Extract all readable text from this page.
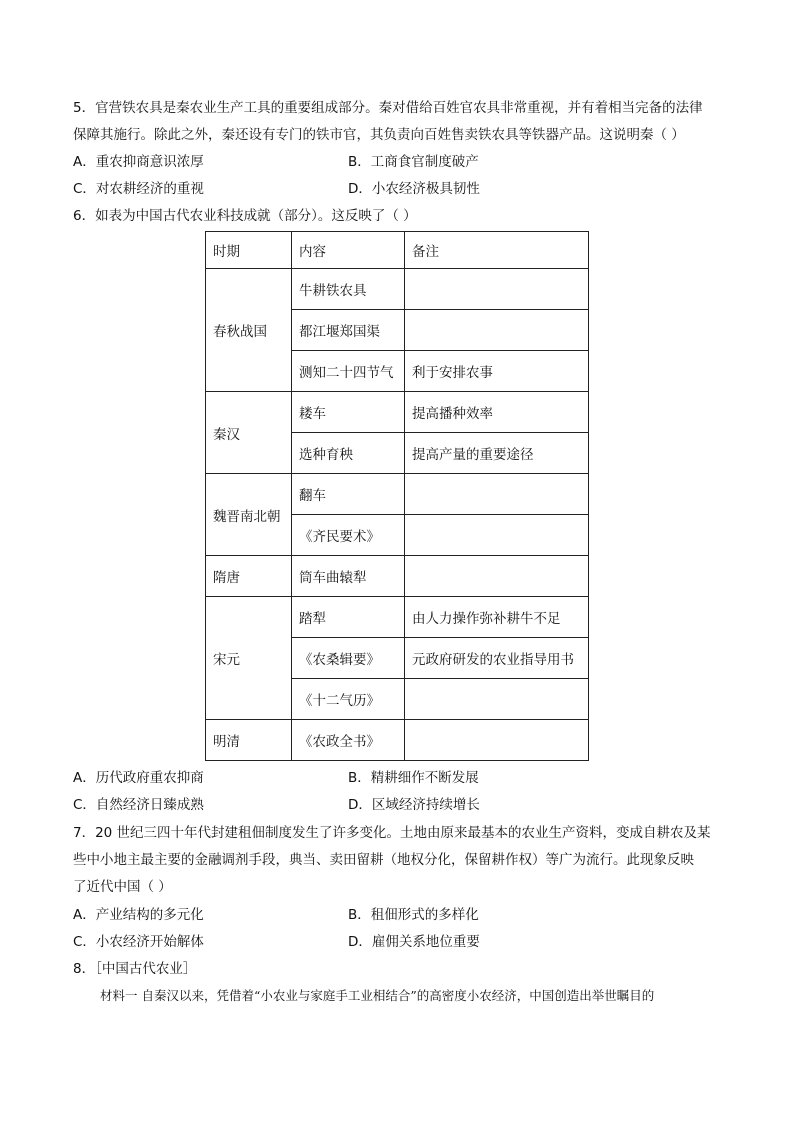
5．官营铁农具是秦农业生产工具的重要组成部分。秦对借给百姓官农具非常重视，并有着相当完备的法律
保障其施行。除此之外，秦还设有专门的铁市官，其负责向百姓售卖铁农具等铁器产品。这说明秦（ ）
A．重农抑商意识浓厚	B．工商食官制度破产
C．对农耕经济的重视	D．小农经济极具韧性
6．如表为中国古代农业科技成就（部分）。这反映了（ ）
时期	内容	备注
春秋战国	牛耕铁农具	
	都江堰郑国渠	
	测知二十四节气	利于安排农事
秦汉	耧车	提高播种效率
	选种育秧	提高产量的重要途径
魏晋南北朝	翻车	
	《齐民要术》	
隋唐	筒车曲辕犁	
宋元	踏犁	由人力操作弥补耕牛不足
	《农桑辑要》	元政府研发的农业指导用书
	《十二气历》	
明清	《农政全书》	
A．历代政府重农抑商	B．精耕细作不断发展
C．自然经济日臻成熟	D．区域经济持续增长
7．20 世纪三四十年代封建租佃制度发生了许多变化。土地由原来最基本的农业生产资料，变成自耕农及某
些中小地主最主要的金融调剂手段，典当、卖田留耕（地权分化，保留耕作权）等广为流行。此现象反映
了近代中国（ ）
A．产业结构的多元化	B．租佃形式的多样化
C．小农经济开始解体	D．雇佣关系地位重要
8．［中国古代农业］
材料一 自秦汉以来，凭借着“小农业与家庭手工业相结合”的高密度小农经济，中国创造出举世瞩目的
